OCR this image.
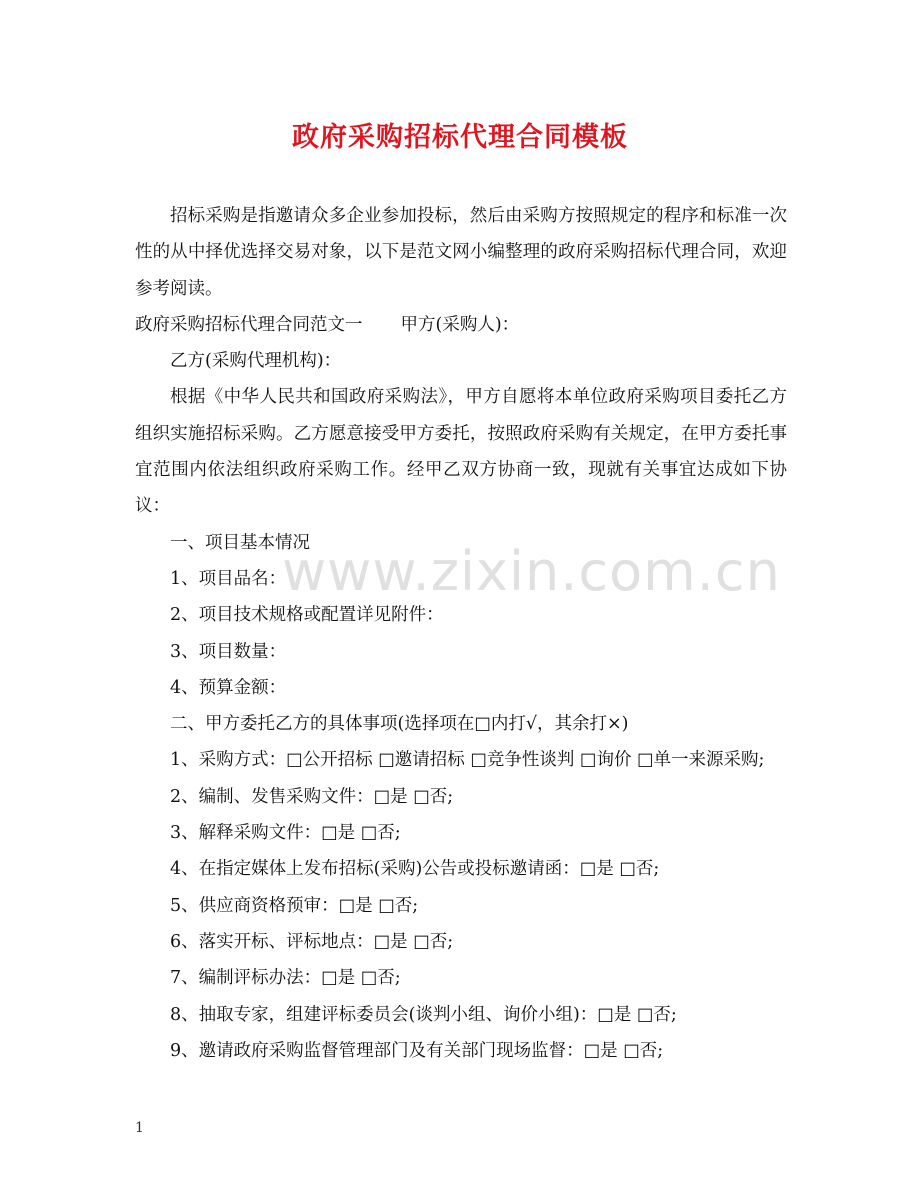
政府采购招标代理合同模板

招标采购是指邀请众多企业参加投标，然后由采购方按照规定的程序和标准一次性的从中择优选择交易对象，以下是范文网小编整理的政府采购招标代理合同，欢迎参考阅读。

政府采购招标代理合同范文一 甲方(采购人)：

乙方(采购代理机构)：

根据《中华人民共和国政府采购法》，甲方自愿将本单位政府采购项目委托乙方组织实施招标采购。乙方愿意接受甲方委托，按照政府采购有关规定，在甲方委托事宜范围内依法组织政府采购工作。经甲乙双方协商一致，现就有关事宜达成如下协议：

一、项目基本情况

1、项目品名：

2、项目技术规格或配置详见附件：

3、项目数量：

4、预算金额：

二、甲方委托乙方的具体事项(选择项在□内打√，其余打×)

1、采购方式：□公开招标 □邀请招标 □竞争性谈判 □询价 □单一来源采购;

2、编制、发售采购文件：□是 □否;

3、解释采购文件：□是 □否;

4、在指定媒体上发布招标(采购)公告或投标邀请函：□是 □否;

5、供应商资格预审：□是 □否;

6、落实开标、评标地点：□是 □否;

7、编制评标办法：□是 □否;

8、抽取专家，组建评标委员会(谈判小组、询价小组)：□是 □否;

9、邀请政府采购监督管理部门及有关部门现场监督：□是 □否;

www.zixin.com.cn
1
